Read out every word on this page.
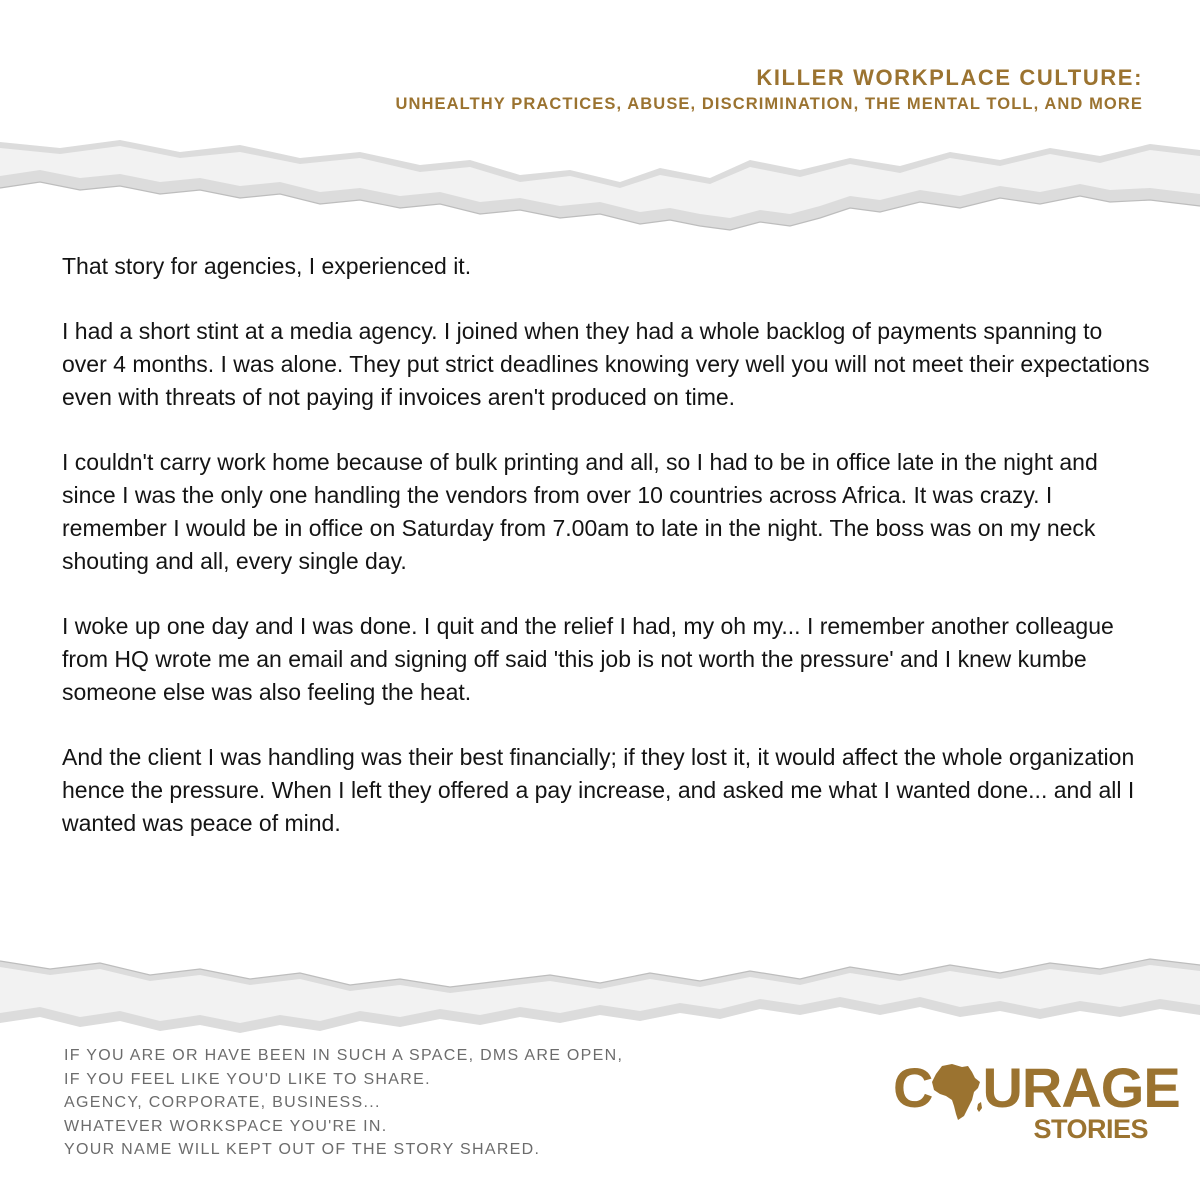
KILLER WORKPLACE CULTURE:
UNHEALTHY PRACTICES, ABUSE, DISCRIMINATION, THE MENTAL TOLL, AND MORE

That story for agencies, I experienced it.

I had a short stint at a media agency. I joined when they had a whole backlog of payments spanning to over 4 months. I was alone. They put strict deadlines knowing very well you will not meet their expectations even with threats of not paying if invoices aren't produced on time.

I couldn't carry work home because of bulk printing and all, so I had to be in office late in the night and since I was the only one handling the vendors from over 10 countries across Africa. It was crazy. I remember I would be in office on Saturday from 7.00am to late in the night. The boss was on my neck shouting and all, every single day.

I woke up one day and I was done. I quit and the relief I had, my oh my... I remember another colleague from HQ wrote me an email and signing off said 'this job is not worth the pressure' and I knew kumbe someone else was also feeling the heat.

And the client I was handling was their best financially; if they lost it, it would affect the whole organization hence the pressure. When I left they offered a pay increase, and asked me what I wanted done... and all I wanted was peace of mind.

IF YOU ARE OR HAVE BEEN IN SUCH A SPACE, DMS ARE OPEN,
IF YOU FEEL LIKE YOU'D LIKE TO SHARE.
AGENCY, CORPORATE, BUSINESS...
WHATEVER WORKSPACE YOU'RE IN.
YOUR NAME WILL KEPT OUT OF THE STORY SHARED.
C URAGE
STORIES
